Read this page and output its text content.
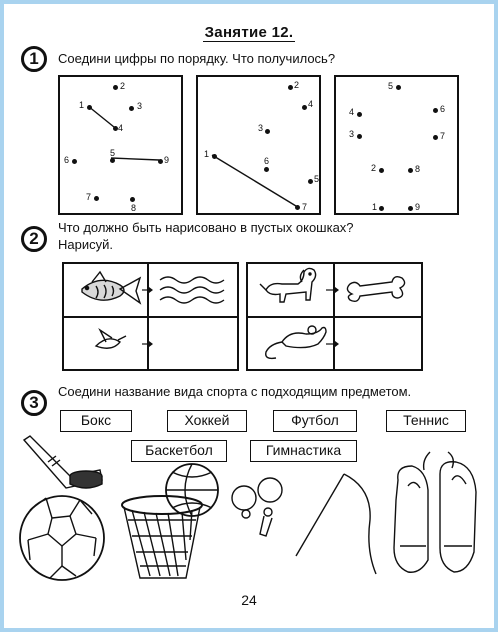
Занятие 12.
1	Соедини цифры по порядку. Что получилось?
2
1	3
4
6
5
9
7
8
2
4
3
1
6
5
7
5
4	6
3	7
2	8
1	9
2
Что должно быть нарисовано в пустых окошках?
Нарисуй.
3
Соедини название вида спорта с подходящим предметом.
Бокс	Хоккей	Футбол	Теннис
Баскетбол	Гимнастика
24
